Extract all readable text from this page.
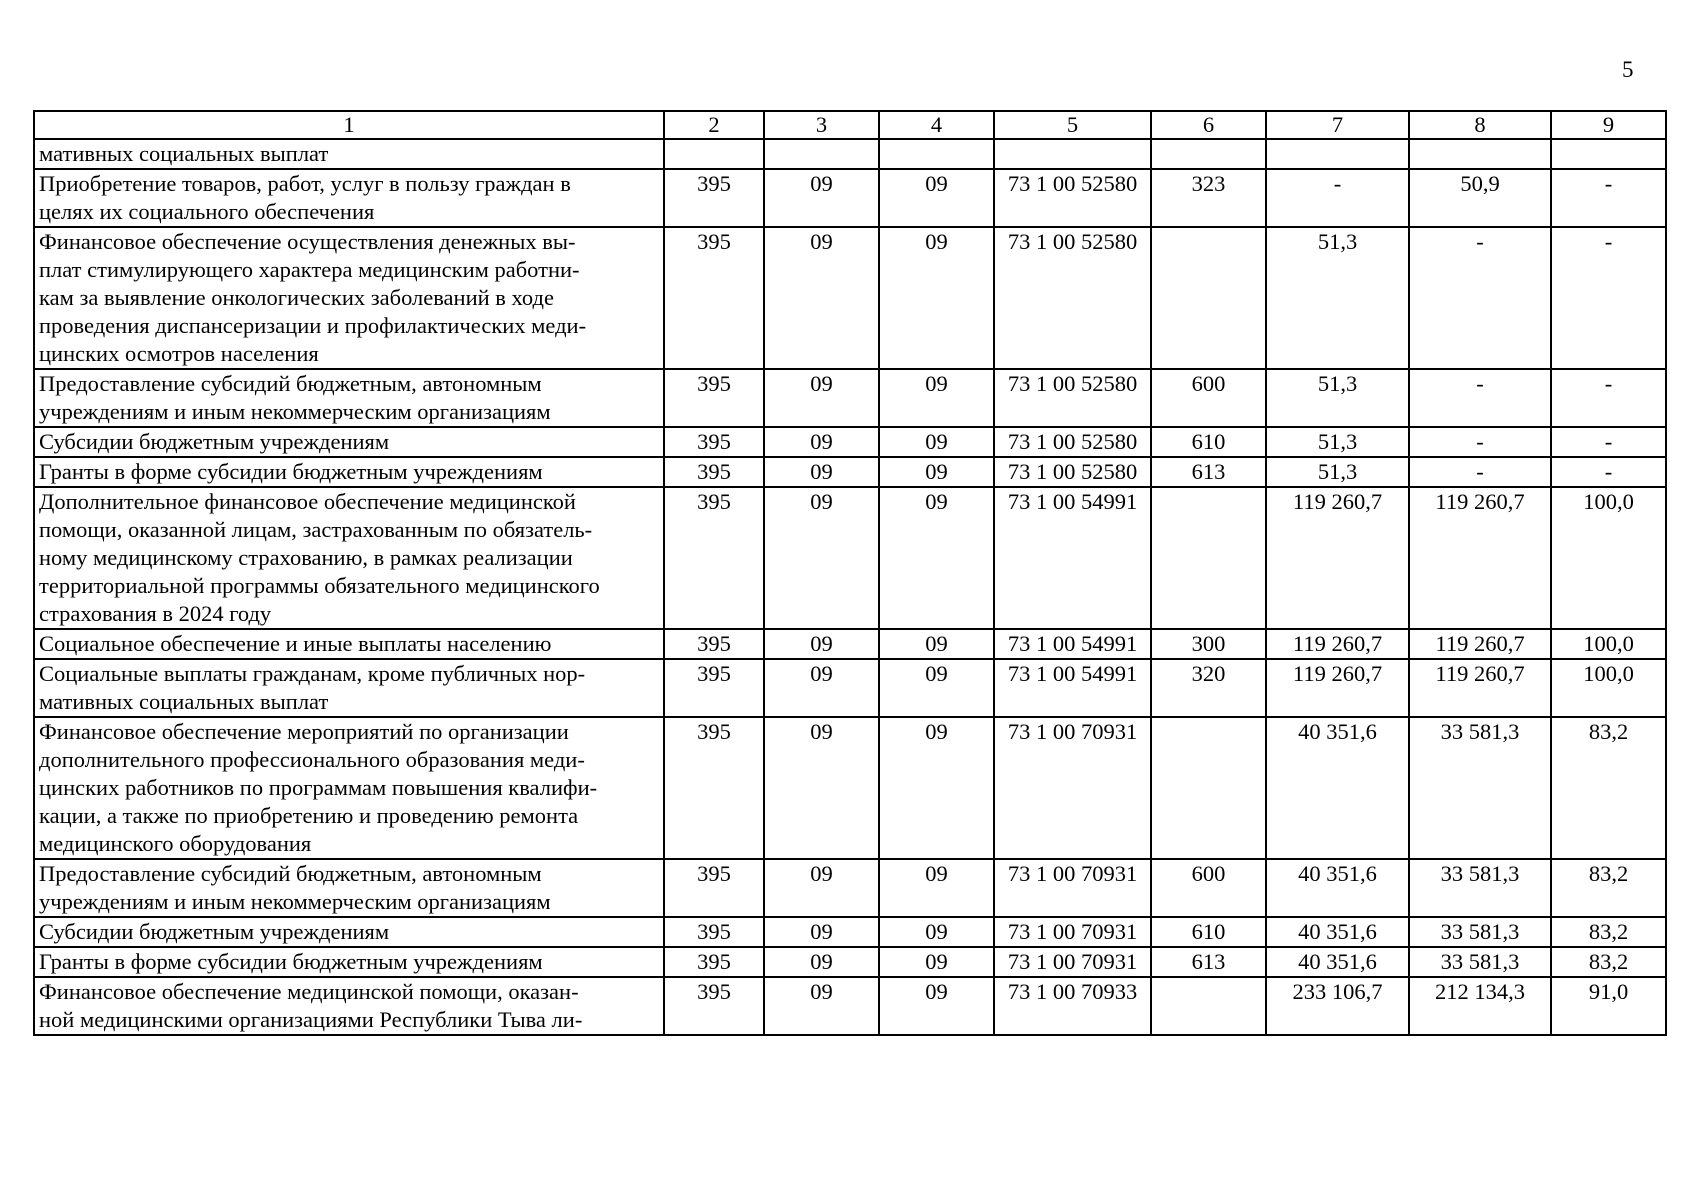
5
1	2	3	4	5	6	7	8	9
мативных социальных выплат								
Приобретение товаров, работ, услуг в пользу граждан в
целях их социального обеспечения	395	09	09	73 1 00 52580	323	-	50,9	-
Финансовое обеспечение осуществления денежных вы-
плат стимулирующего характера медицинским работни-
кам за выявление онкологических заболеваний в ходе
проведения диспансеризации и профилактических меди-
цинских осмотров населения	395	09	09	73 1 00 52580		51,3	-	-
Предоставление субсидий бюджетным, автономным
учреждениям и иным некоммерческим организациям	395	09	09	73 1 00 52580	600	51,3	-	-
Субсидии бюджетным учреждениям	395	09	09	73 1 00 52580	610	51,3	-	-
Гранты в форме субсидии бюджетным учреждениям	395	09	09	73 1 00 52580	613	51,3	-	-
Дополнительное финансовое обеспечение медицинской
помощи, оказанной лицам, застрахованным по обязатель-
ному медицинскому страхованию, в рамках реализации
территориальной программы обязательного медицинского
страхования в 2024 году	395	09	09	73 1 00 54991		119 260,7	119 260,7	100,0
Социальное обеспечение и иные выплаты населению	395	09	09	73 1 00 54991	300	119 260,7	119 260,7	100,0
Социальные выплаты гражданам, кроме публичных нор-
мативных социальных выплат	395	09	09	73 1 00 54991	320	119 260,7	119 260,7	100,0
Финансовое обеспечение мероприятий по организации
дополнительного профессионального образования меди-
цинских работников по программам повышения квалифи-
кации, а также по приобретению и проведению ремонта
медицинского оборудования	395	09	09	73 1 00 70931		40 351,6	33 581,3	83,2
Предоставление субсидий бюджетным, автономным
учреждениям и иным некоммерческим организациям	395	09	09	73 1 00 70931	600	40 351,6	33 581,3	83,2
Субсидии бюджетным учреждениям	395	09	09	73 1 00 70931	610	40 351,6	33 581,3	83,2
Гранты в форме субсидии бюджетным учреждениям	395	09	09	73 1 00 70931	613	40 351,6	33 581,3	83,2
Финансовое обеспечение медицинской помощи, оказан-
ной медицинскими организациями Республики Тыва ли-	395	09	09	73 1 00 70933		233 106,7	212 134,3	91,0
